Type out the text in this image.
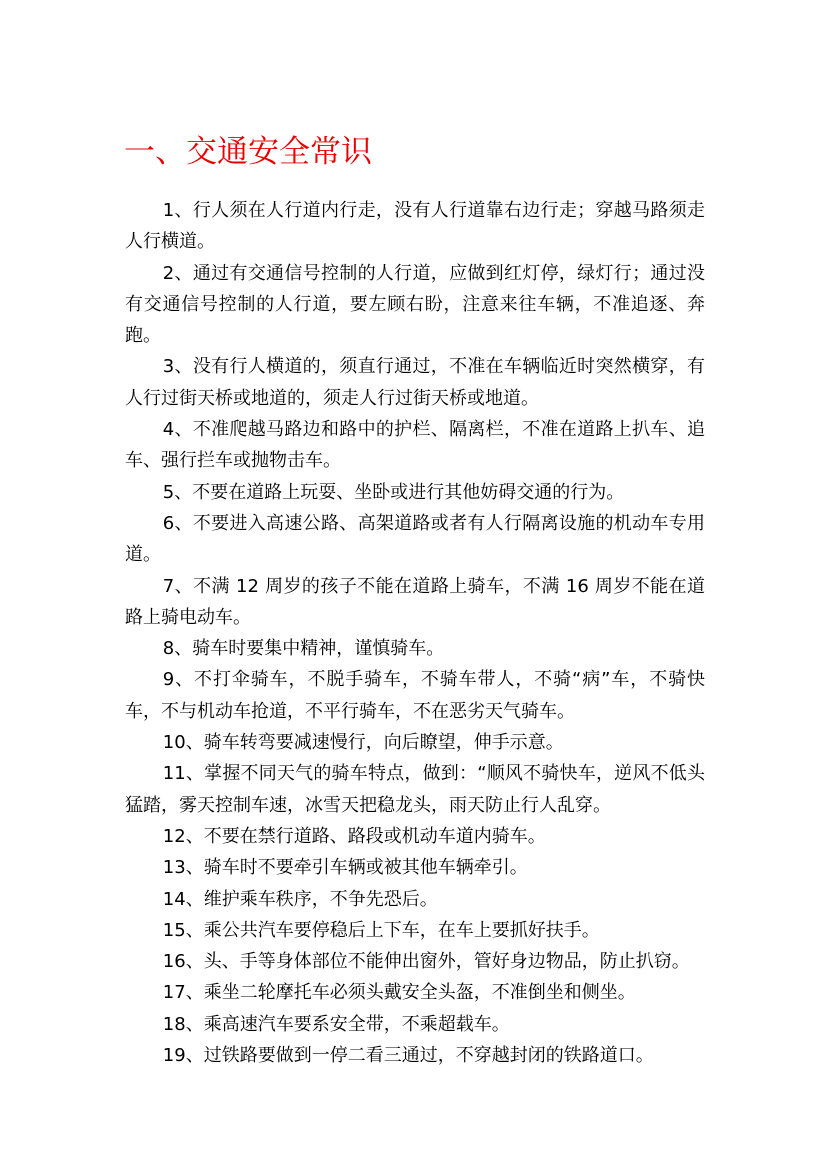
一、交通安全常识

1、行人须在人行道内行走，没有人行道靠右边行走；穿越马路须走人行横道。

2、通过有交通信号控制的人行道，应做到红灯停，绿灯行；通过没有交通信号控制的人行道，要左顾右盼，注意来往车辆，不准追逐、奔跑。

3、没有行人横道的，须直行通过，不准在车辆临近时突然横穿，有人行过街天桥或地道的，须走人行过街天桥或地道。

4、不准爬越马路边和路中的护栏、隔离栏，不准在道路上扒车、追车、强行拦车或抛物击车。

5、不要在道路上玩耍、坐卧或进行其他妨碍交通的行为。

6、不要进入高速公路、高架道路或者有人行隔离设施的机动车专用道。

7、不满 12 周岁的孩子不能在道路上骑车，不满 16 周岁不能在道路上骑电动车。

8、骑车时要集中精神，谨慎骑车。

9、不打伞骑车，不脱手骑车，不骑车带人，不骑“病”车，不骑快车，不与机动车抢道，不平行骑车，不在恶劣天气骑车。

10、骑车转弯要减速慢行，向后瞭望，伸手示意。

11、掌握不同天气的骑车特点，做到：“顺风不骑快车，逆风不低头猛踏，雾天控制车速，冰雪天把稳龙头，雨天防止行人乱穿。

12、不要在禁行道路、路段或机动车道内骑车。

13、骑车时不要牵引车辆或被其他车辆牵引。

14、维护乘车秩序，不争先恐后。

15、乘公共汽车要停稳后上下车，在车上要抓好扶手。

16、头、手等身体部位不能伸出窗外，管好身边物品，防止扒窃。

17、乘坐二轮摩托车必须头戴安全头盔，不准倒坐和侧坐。

18、乘高速汽车要系安全带，不乘超载车。

19、过铁路要做到一停二看三通过，不穿越封闭的铁路道口。
